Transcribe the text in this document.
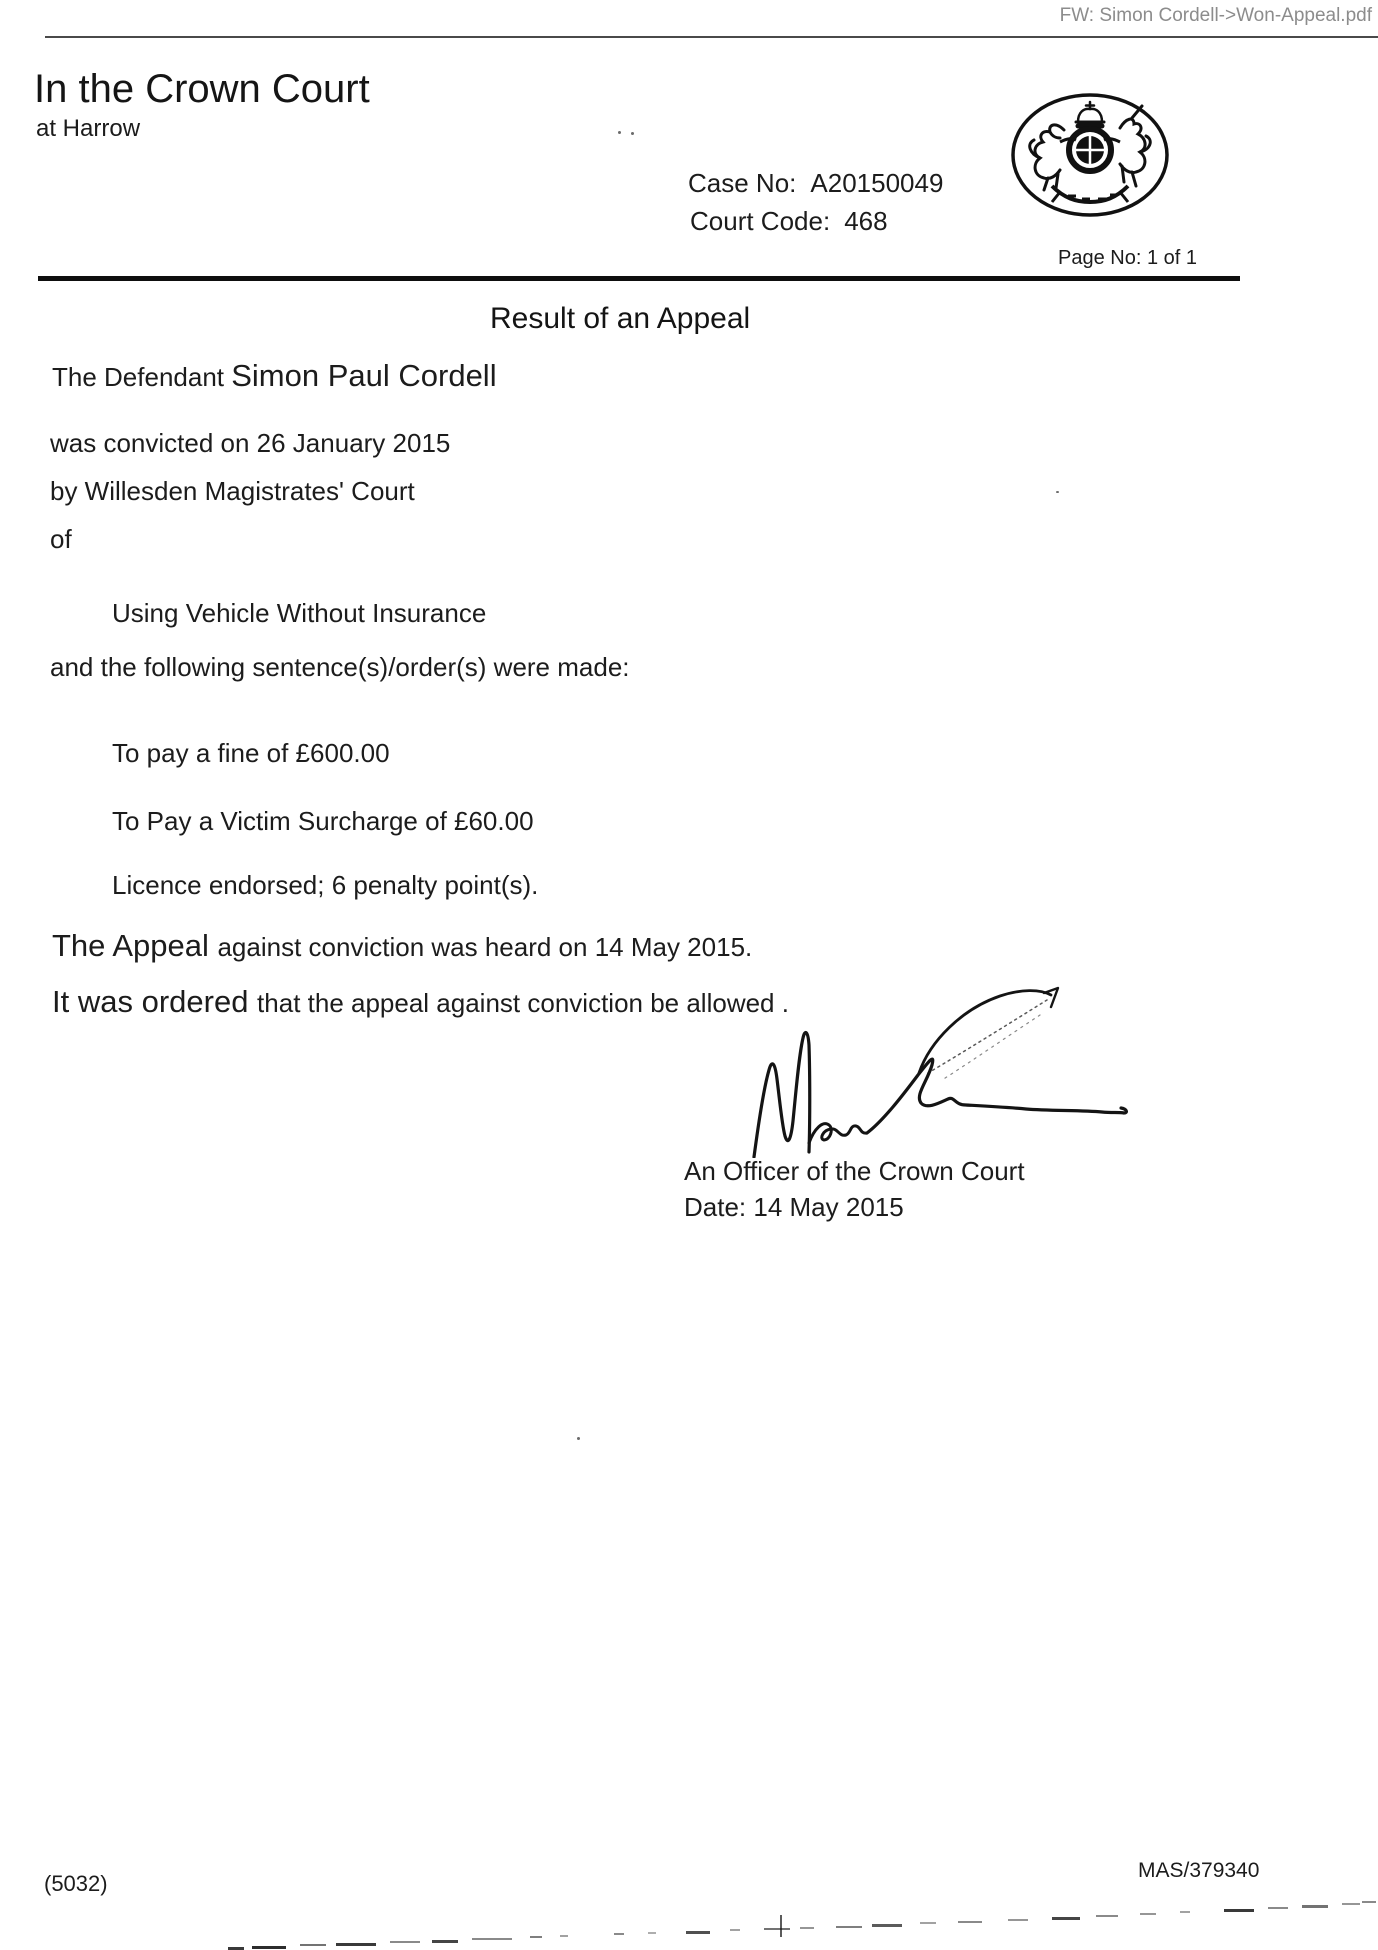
FW: Simon Cordell->Won-Appeal.pdf
In the Crown Court
at Harrow
Case No: A20150049
Court Code: 468
Page No: 1 of 1
Result of an Appeal
The Defendant Simon Paul Cordell
was convicted on 26 January 2015
by Willesden Magistrates' Court
of
Using Vehicle Without Insurance
and the following sentence(s)/order(s) were made:
To pay a fine of £600.00
To Pay a Victim Surcharge of £60.00
Licence endorsed; 6 penalty point(s).
The Appeal against conviction was heard on 14 May 2015.
It was ordered that the appeal against conviction be allowed .
An Officer of the Crown Court
Date: 14 May 2015
(5032)
MAS/379340
